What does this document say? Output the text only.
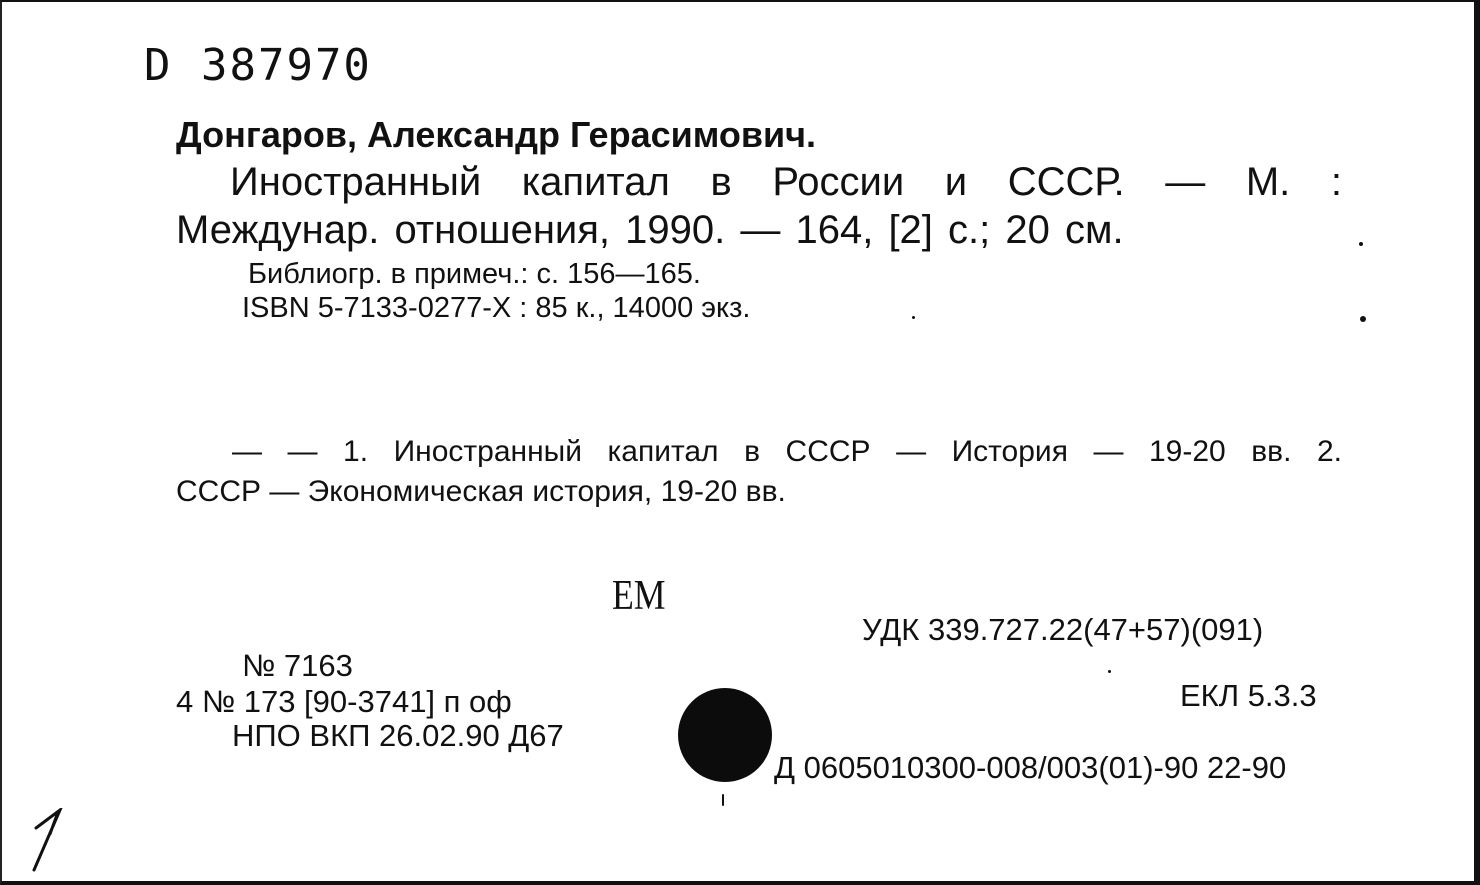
D 387970
Донгаров, Александр Герасимович.
Иностранный капитал в России и СССР. — М. :
Междунар. отношения, 1990. — 164, [2] с.; 20 см.
Библиогр. в примеч.: с. 156—165.
ISBN 5-7133-0277-X : 85 к., 14000 экз.
— — 1. Иностранный капитал в СССР — История — 19-20 вв. 2.
СССР — Экономическая история, 19-20 вв.
ЕМ
УДК 339.727.22(47+57)(091)
№ 7163
4 № 173 [90-3741] п оф	ЕКЛ 5.3.3
НПО ВКП 26.02.90 Д67
Д 0605010300-008/003(01)-90 22-90
